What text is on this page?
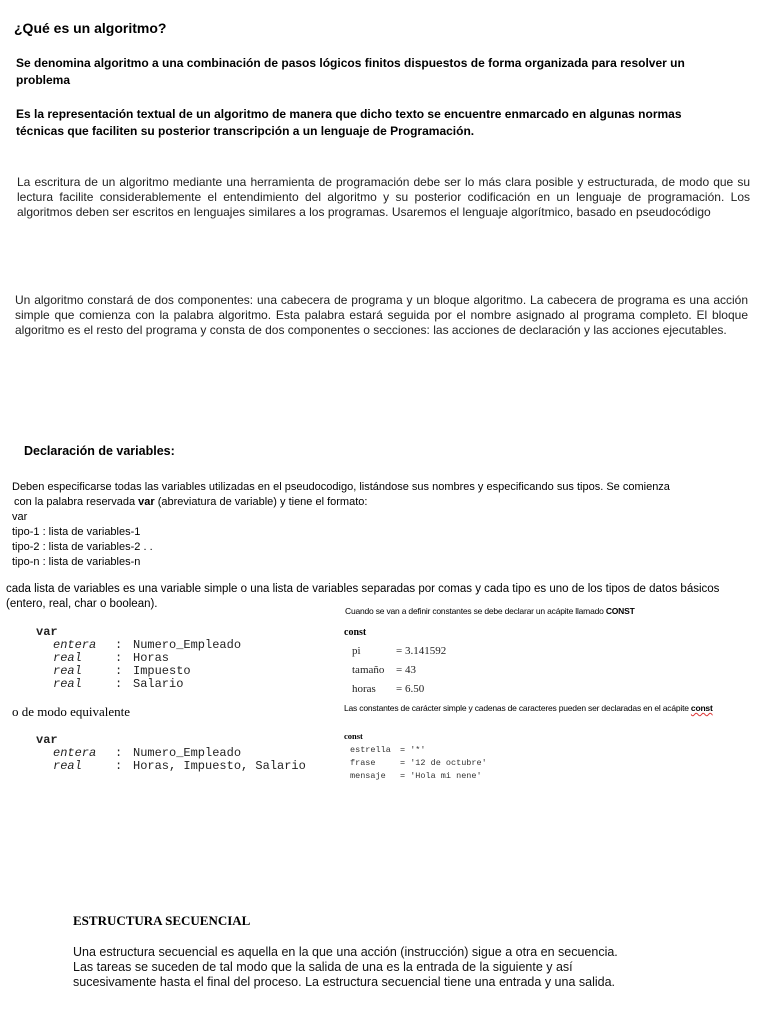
¿Qué es un algoritmo?
Se denomina algoritmo a una combinación de pasos lógicos finitos dispuestos de forma organizada para resolver un problema
Es la representación textual de un algoritmo de manera que dicho texto se encuentre enmarcado en algunas normas técnicas que faciliten su posterior transcripción a un lenguaje de Programación.
La escritura de un algoritmo mediante una herramienta de programación debe ser lo más clara posible y estructurada, de modo que su lectura facilite considerablemente el entendimiento del algoritmo y su posterior codificación en un lenguaje de programación. Los algoritmos deben ser escritos en lenguajes similares a los programas. Usaremos el lenguaje algorítmico, basado en pseudocódigo
Un algoritmo constará de dos componentes: una cabecera de programa y un bloque algoritmo. La cabecera de programa es una acción simple que comienza con la palabra algoritmo. Esta palabra estará seguida por el nombre asignado al programa completo. El bloque algoritmo es el resto del programa y consta de dos componentes o secciones: las acciones de declaración y las acciones ejecutables.
Declaración de variables:
Deben especificarse todas las variables utilizadas en el pseudocodigo, listándose sus nombres y especificando sus tipos. Se comienza
con la palabra reservada var (abreviatura de variable) y tiene el formato:
var
tipo-1 : lista de variables-1
tipo-2 : lista de variables-2 . .
tipo-n : lista de variables-n
cada lista de variables es una variable simple o una lista de variables separadas por comas y cada tipo es uno de los tipos de datos básicos (entero, real, char o boolean).
var
entera : Numero_Empleado
real	: Horas
real	: Impuesto
real	: Salario
o de modo equivalente
var
entera : Numero_Empleado
real	: Horas, Impuesto, Salario
Cuando se van a definir constantes se debe declarar un acápite llamado CONST
const
pi	= 3.141592
tamaño = 43
horas = 6.50
Las constantes de carácter simple y cadenas de caracteres pueden ser declaradas en el acápite const
const
estrella = '*'
frase	= '12 de octubre'
mensaje = 'Hola mi nene'
ESTRUCTURA SECUENCIAL
Una estructura secuencial es aquella en la que una acción (instrucción) sigue a otra en secuencia. Las tareas se suceden de tal modo que la salida de una es la entrada de la siguiente y así sucesivamente hasta el final del proceso. La estructura secuencial tiene una entrada y una salida.
